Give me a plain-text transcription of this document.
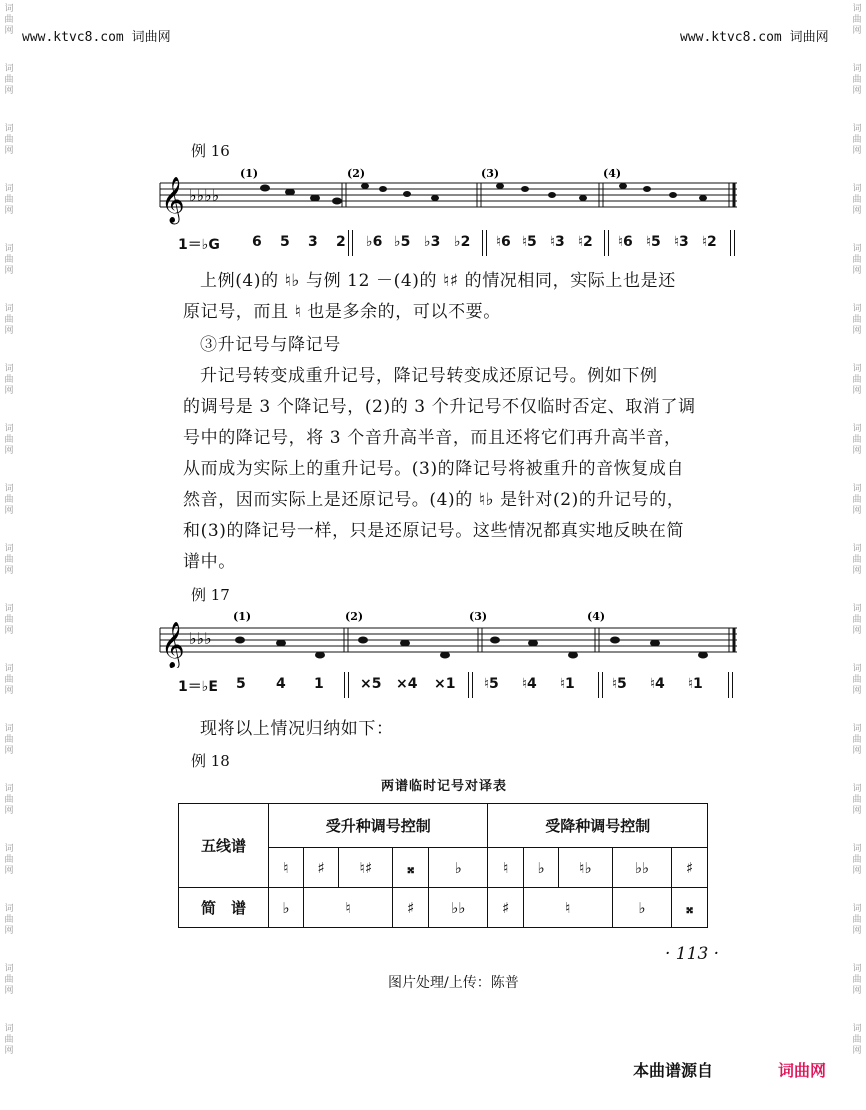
www.ktvc8.com 词曲网	www.ktvc8.com 词曲网
词
曲
网
词
曲
网
词
曲
网
词
曲
网
词
曲
网
词
曲
网
词
曲
网
词
曲
网
词
曲
网
词
曲
网
词
曲
网
词
曲
网
词
曲
网
词
曲
网
词
曲
网
词
曲
网
词
曲
网
词
曲
网
词
曲
网
词
曲
网
词
曲
网
词
曲
网
词
曲
网
词
曲
网
词
曲
网
词
曲
网
词
曲
网
词
曲
网
词
曲
网
词
曲
网
词
曲
网
词
曲
网
词
曲
网
词
曲
网
词
曲
网
词
曲
网
例 16
𝄞 ♭♭♭♭
(1)	(2)	(3)	(4)
1＝♭G 6 5 3 2 ♭6 ♭5 ♭3 ♭2 ♮6 ♮5 ♮3 ♮2 ♮6 ♮5 ♮3 ♮2
上例(4)的 ♮♭ 与例 12 －(4)的 ♮♯ 的情况相同，实际上也是还
原记号，而且 ♮ 也是多余的，可以不要。
③升记号与降记号
升记号转变成重升记号，降记号转变成还原记号。例如下例
的调号是 3 个降记号，(2)的 3 个升记号不仅临时否定、取消了调
号中的降记号，将 3 个音升高半音，而且还将它们再升高半音，
从而成为实际上的重升记号。(3)的降记号将被重升的音恢复成自
然音，因而实际上是还原记号。(4)的 ♮♭ 是针对(2)的升记号的，
和(3)的降记号一样，只是还原记号。这些情况都真实地反映在简
谱中。
例 17
𝄞 ♭♭♭
(1)	(2)	(3)	(4)
1＝♭E 5 4 1	×5 ×4 ×1 ♮5 ♮4 ♮1	♮5 ♮4 ♮1
现将以上情况归纳如下：
例 18
两谱临时记号对译表
五线谱	受升种调号控制					受降种调号控制				
	♮	♯	♮♯	𝄪	♭	♮	♭	♮♭	♭♭	♯
简　谱	♭	♮		♯	♭♭	♯	♮		♭	𝄪
· 113 ·
图片处理/上传：陈普
本曲谱源自	词曲网
